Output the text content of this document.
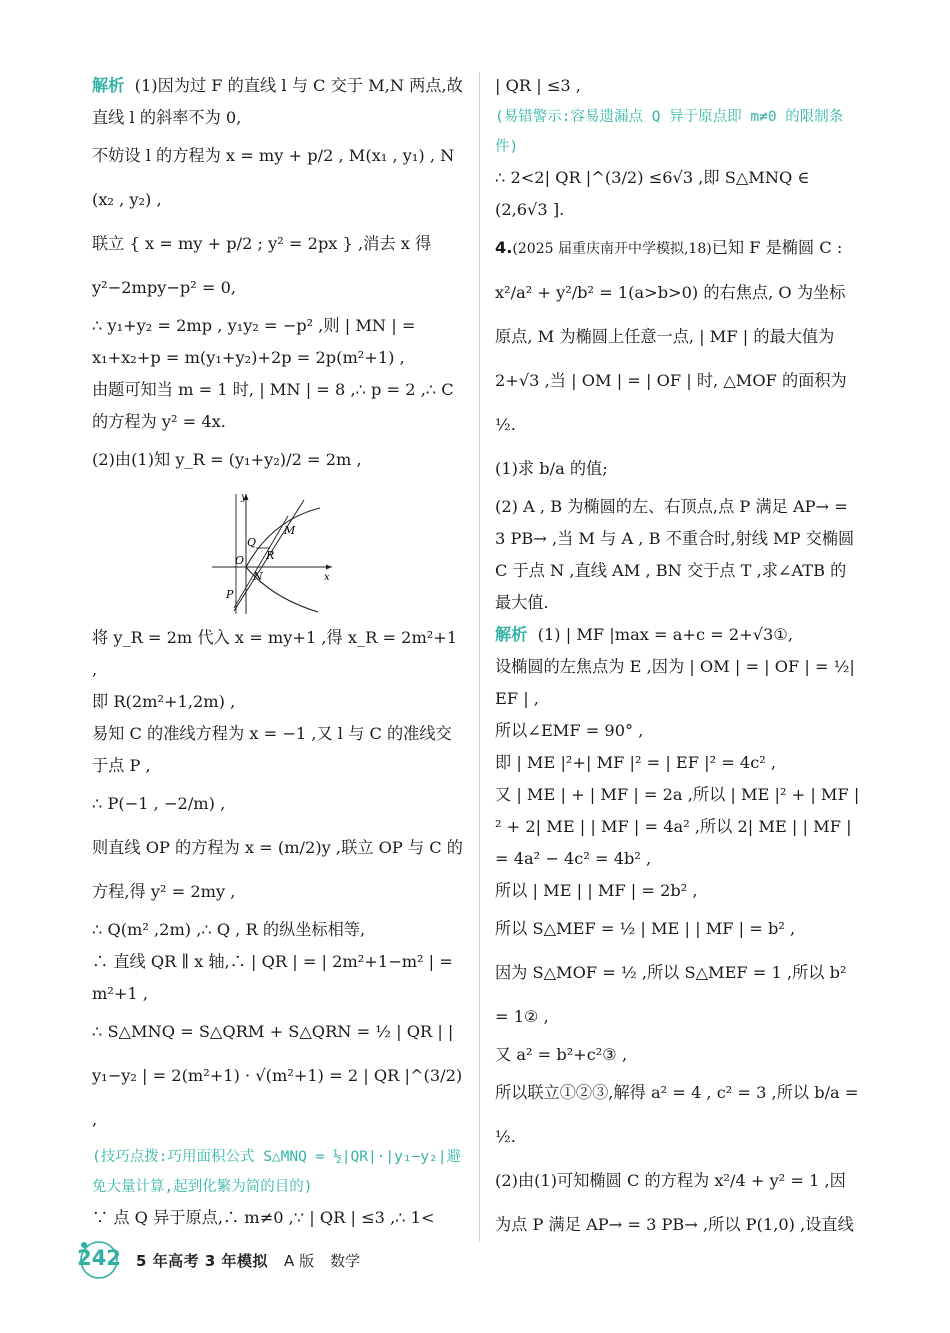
解析  (1)因为过 F 的直线 l 与 C 交于 M,N 两点,故直线 l 的斜率不为 0,

不妨设 l 的方程为 x = my + p/2 , M(x₁ , y₁) , N (x₂ , y₂) ,

联立 { x = my + p/2 ; y² = 2px } ,消去 x 得 y²−2mpy−p² = 0,

∴ y₁+y₂ = 2mp , y₁y₂ = −p² ,则 | MN | = x₁+x₂+p = m(y₁+y₂)+2p = 2p(m²+1) ,

由题可知当 m = 1 时, | MN | = 8 ,∴ p = 2 ,∴ C 的方程为 y² = 4x.

(2)由(1)知 y_R = (y₁+y₂)/2 = 2m ,

y
x
O
Q
M
R
N
P

将 y_R = 2m 代入 x = my+1 ,得 x_R = 2m²+1 ,

即 R(2m²+1,2m) ,

易知 C 的准线方程为 x = −1 ,又 l 与 C 的准线交于点 P ,

∴ P(−1 , −2/m) ,

则直线 OP 的方程为 x = (m/2)y ,联立 OP 与 C 的方程,得 y² = 2my ,

∴ Q(m² ,2m) ,∴ Q , R 的纵坐标相等,

∴ 直线 QR ∥ x 轴,∴ | QR | = | 2m²+1−m² | = m²+1 ,

∴ S△MNQ = S△QRM + S△QRN = ½ | QR | | y₁−y₂ | = 2(m²+1) · √(m²+1) = 2 | QR |^(3/2) ,

(技巧点拨:巧用面积公式 S△MNQ = ½|QR|·|y₁−y₂|避免大量计算,起到化繁为简的目的)

∵ 点 Q 异于原点,∴ m≠0 ,∵ | QR | ≤3 ,∴ 1<

| QR | ≤3 ,

(易错警示:容易遗漏点 Q 异于原点即 m≠0 的限制条件)

∴ 2<2| QR |^(3/2) ≤6√3 ,即 S△MNQ ∈ (2,6√3 ].

4.(2025 届重庆南开中学模拟,18)已知 F 是椭圆 C : x²/a² + y²/b² = 1(a>b>0) 的右焦点, O 为坐标原点, M 为椭圆上任意一点, | MF | 的最大值为 2+√3 ,当 | OM | = | OF | 时, △MOF 的面积为 ½.

(1)求 b/a 的值;

(2) A , B 为椭圆的左、右顶点,点 P 满足 AP→ = 3 PB→ ,当 M 与 A , B 不重合时,射线 MP 交椭圆 C 于点 N ,直线 AM , BN 交于点 T ,求∠ATB 的最大值.

解析  (1) | MF |max = a+c = 2+√3①,

设椭圆的左焦点为 E ,因为 | OM | = | OF | = ½| EF | ,

所以∠EMF = 90° ,

即 | ME |²+| MF |² = | EF |² = 4c² ,

又 | ME | + | MF | = 2a ,所以 | ME |² + | MF |² + 2| ME | | MF | = 4a² ,所以 2| ME | | MF | = 4a² − 4c² = 4b² ,

所以 | ME | | MF | = 2b² ,

所以 S△MEF = ½ | ME | | MF | = b² ,

因为 S△MOF = ½ ,所以 S△MEF = 1 ,所以 b² = 1② ,

又 a² = b²+c²③ ,

所以联立①②③,解得 a² = 4 , c² = 3 ,所以 b/a = ½.

(2)由(1)可知椭圆 C 的方程为 x²/4 + y² = 1 ,因为点 P 满足 AP→ = 3 PB→ ,所以 P(1,0) ,设直线

242 5 年高考 3 年模拟 A 版 数学
